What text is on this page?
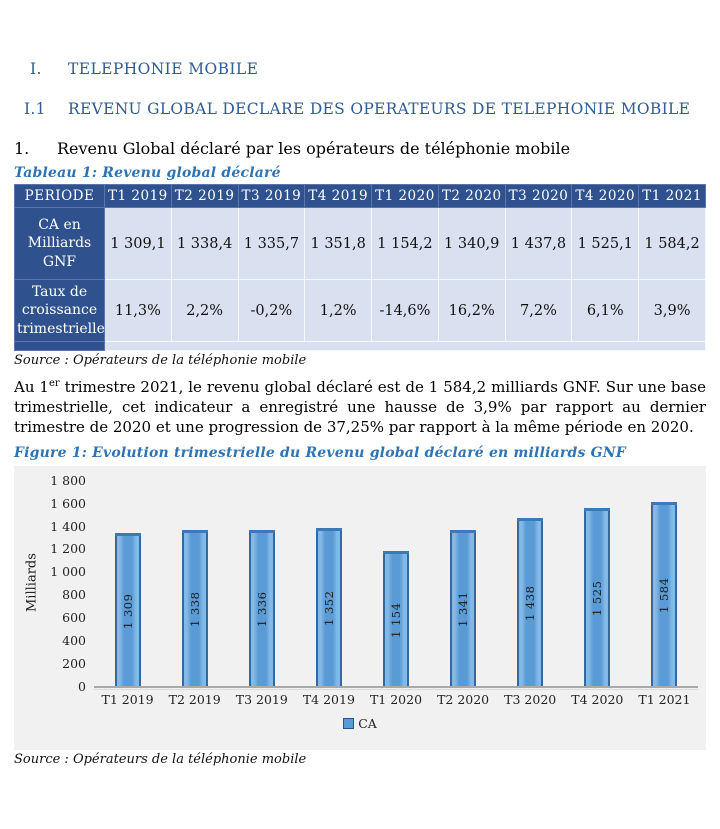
I.	TELEPHONIE MOBILE
I.1	REVENU GLOBAL DECLARE DES OPERATEURS DE TELEPHONIE MOBILE
1.	Revenu Global déclaré par les opérateurs de téléphonie mobile
Tableau 1: Revenu global déclaré
PERIODE	T1 2019	T2 2019	T3 2019	T4 2019	T1 2020	T2 2020	T3 2020	T4 2020	T1 2021
CA en Milliards GNF	1 309,1	1 338,4	1 335,7	1 351,8	1 154,2	1 340,9	1 437,8	1 525,1	1 584,2
Taux de croissance trimestrielle	11,3%	2,2%	-0,2%	1,2%	-14,6%	16,2%	7,2%	6,1%	3,9%

Source : Opérateurs de la téléphonie mobile

Au 1er trimestre 2021, le revenu global déclaré est de 1 584,2 milliards GNF. Sur une base trimestrielle, cet indicateur a enregistré une hausse de 3,9% par rapport au dernier trimestre de 2020 et une progression de 37,25% par rapport à la même période en 2020.

Figure 1: Evolution trimestrielle du Revenu global déclaré en milliards GNF
Milliards
0
200
400
600
800
1 000
1 200
1 400
1 600
1 800
1 309	1 338	1 336	1 352	1 154	1 341	1 438	1 525	1 584
T1 2019	T2 2019	T3 2019	T4 2019	T1 2020	T2 2020	T3 2020	T4 2020	T1 2021
CA
Source : Opérateurs de la téléphonie mobile
